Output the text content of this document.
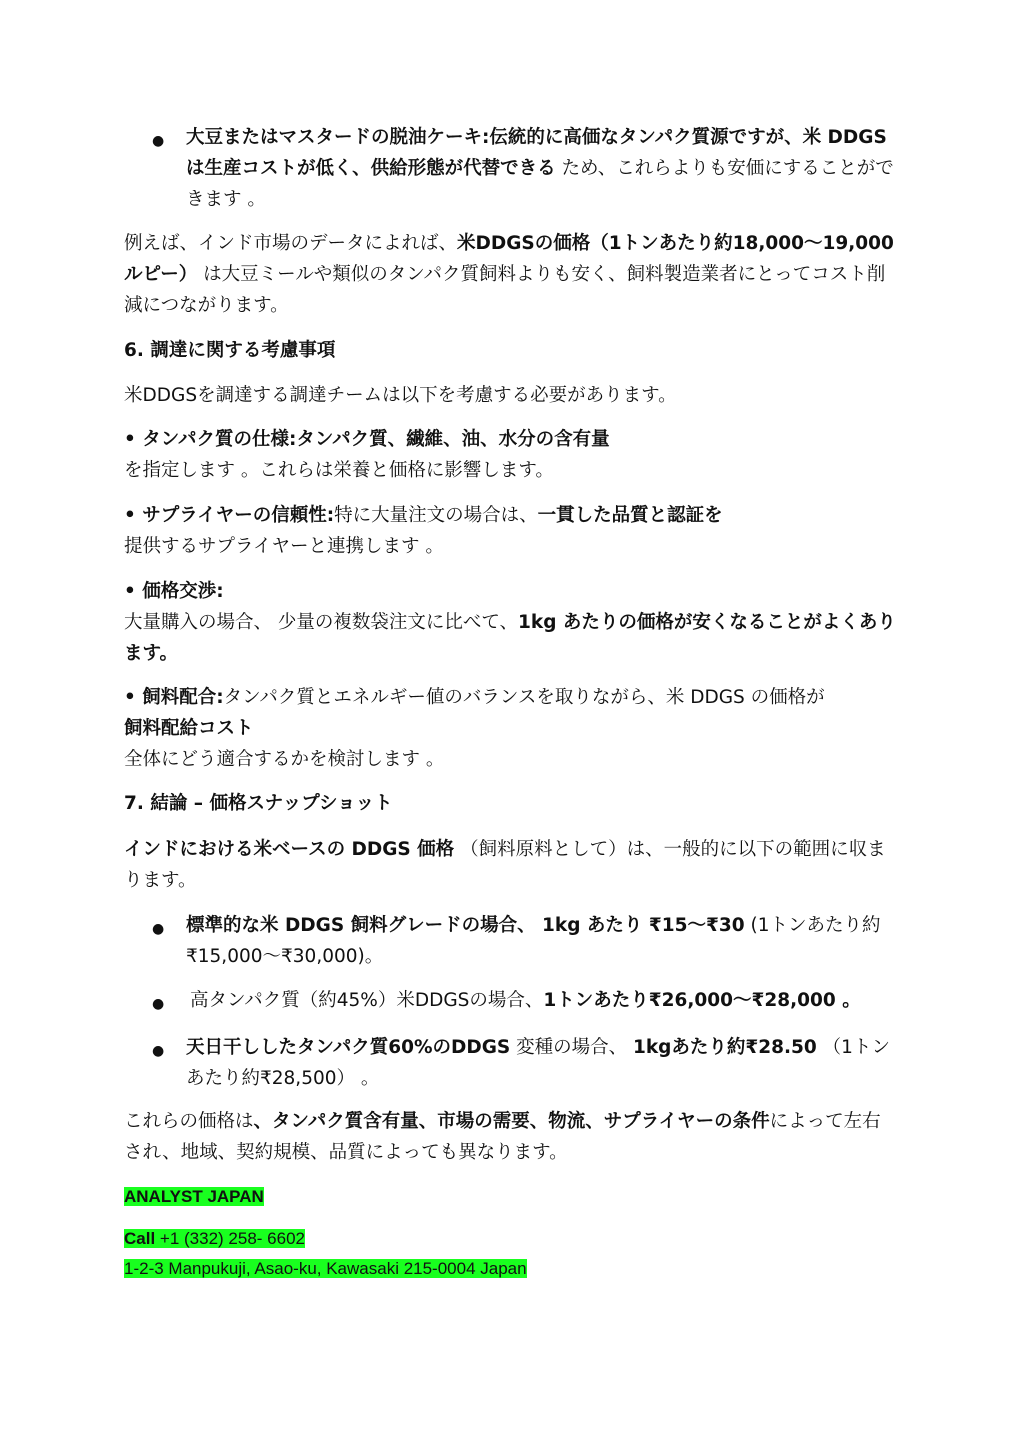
● 大豆またはマスタードの脱油ケーキ:伝統的に高価なタンパク質源ですが、米 DDGS は生産コストが低く、供給形態が代替できる ため、これらよりも安価にすることができます 。
例えば、インド市場のデータによれば、米DDGSの価格（1トンあたり約18,000〜19,000ルピー） は大豆ミールや類似のタンパク質飼料よりも安く、飼料製造業者にとってコスト削減につながります。
6. 調達に関する考慮事項
米DDGSを調達する調達チームは以下を考慮する必要があります。
• タンパク質の仕様:タンパク質、繊維、油、水分の含有量
を指定します 。これらは栄養と価格に影響します。
• サプライヤーの信頼性:特に大量注文の場合は、一貫した品質と認証を
提供するサプライヤーと連携します 。
• 価格交渉:
大量購入の場合、 少量の複数袋注文に比べて、1kg あたりの価格が安くなることがよくあります。
• 飼料配合:タンパク質とエネルギー値のバランスを取りながら、米 DDGS の価格が
飼料配給コスト
全体にどう適合するかを検討します 。
7. 結論 – 価格スナップショット
インドにおける米ベースの DDGS 価格 （飼料原料として）は、一般的に以下の範囲に収まります。
● 標準的な米 DDGS 飼料グレードの場合、 1kg あたり ₹15〜₹30 (1トンあたり約 ₹15,000〜₹30,000)。
● 高タンパク質（約45%）米DDGSの場合、1トンあたり₹26,000〜₹28,000 。
● 天日干ししたタンパク質60%のDDGS 変種の場合、 1kgあたり約₹28.50 （1トンあたり約₹28,500） 。
これらの価格は、タンパク質含有量、市場の需要、物流、サプライヤーの条件によって左右され、地域、契約規模、品質によっても異なります。
ANALYST JAPAN
Call +1 (332) 258- 6602
1-2-3 Manpukuji, Asao-ku, Kawasaki 215-0004 Japan
